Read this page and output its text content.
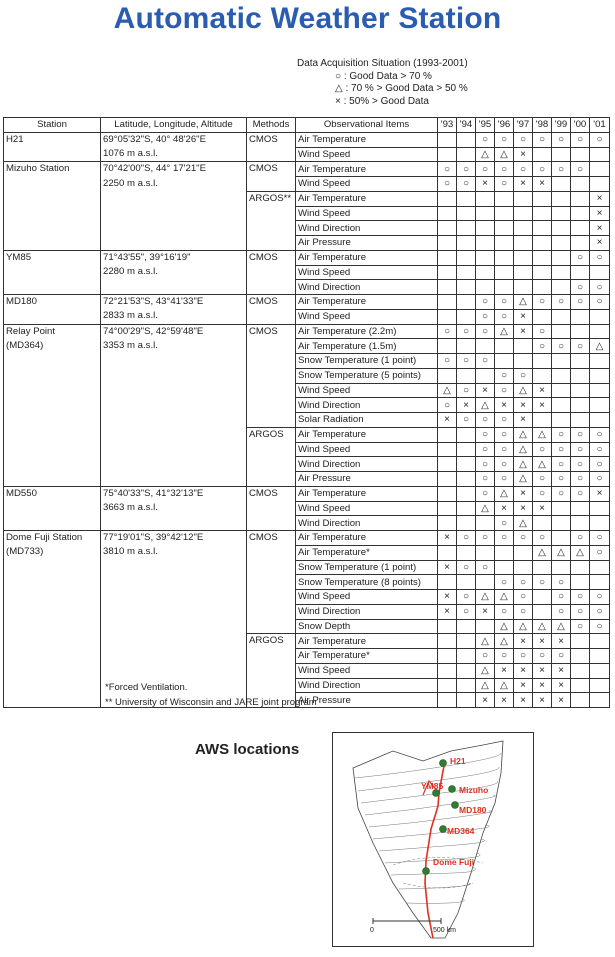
Automatic Weather Station
Data Acquisition Situation (1993-2001)
○ : Good Data > 70 %
△ : 70 % > Good Data > 50 %
× : 50% > Good Data
Station	Latitude, Longitude, Altitude	Methods	Observational Items	'93	'94	'95	'96	'97	'98	'99	'00	'01
H21	69°05'32"S, 40° 48'26"E	CMOS	Air Temperature			○	○	○	○	○	○	○
	1076 m a.s.l.		Wind Speed			△	△	×				
Mizuho Station	70°42'00"S, 44° 17'21"E	CMOS	Air Temperature	○	○	○	○	○	○	○	○	
	2250 m a.s.l.		Wind Speed	○	○	×	○	×	×			
		ARGOS**	Air Temperature									×
			Wind Speed									×
			Wind Direction									×
			Air Pressure									×
YM85	71°43'55", 39°16'19"	CMOS	Air Temperature								○	○
	2280 m a.s.l.		Wind Speed									
			Wind Direction								○	○
MD180	72°21'53"S, 43°41'33"E	CMOS	Air Temperature			○	○	△	○	○	○	○
	2833 m a.s.l.		Wind Speed			○	○	×				
Relay Point	74°00'29"S, 42°59'48"E	CMOS	Air Temperature (2.2m)	○	○	○	△	×	○			
(MD364)	3353 m a.s.l.		Air Temperature (1.5m)						○	○	○	△
			Snow Temperature (1 point)	○	○	○						
			Snow Temperature (5 points)				○	○				
			Wind Speed	△	○	×	○	△	×			
			Wind Direction	○	×	△	×	×	×			
			Solar Radiation	×	○	○	○	×				
		ARGOS	Air Temperature			○	○	△	△	○	○	○
			Wind Speed			○	○	△	○	○	○	○
			Wind Direction			○	○	△	△	○	○	○
			Air Pressure			○	○	△	○	○	○	○
MD550	75°40'33"S, 41°32'13"E	CMOS	Air Temperature			○	△	×	○	○	○	×
	3663 m a.s.l.		Wind Speed			△	×	×	×			
			Wind Direction				○	△				
Dome Fuji Station	77°19'01"S, 39°42'12"E	CMOS	Air Temperature	×	○	○	○	○	○		○	○
(MD733)	3810 m a.s.l.		Air Temperature*						△	△	△	○
			Snow Temperature (1 point)	×	○	○						
			Snow Temperature (8 points)				○	○	○	○		
			Wind Speed	×	○	△	△	○		○	○	○
			Wind Direction	×	○	×	○	○		○	○	○
			Snow Depth				△	△	△	△	○	○
		ARGOS	Air Temperature			△	△	×	×	×		
			Air Temperature*			○	○	○	○	○		
			Wind Speed			△	×	×	×	×		
			Wind Direction			△	△	×	×	×		
			Air Pressure			×	×	×	×	×		
*Forced Ventilation.
** University of Wisconsin and JARE joint program
AWS locations
H21
YM85 Mizuho
MD180
MD364
Dome Fuji
0	500 km
